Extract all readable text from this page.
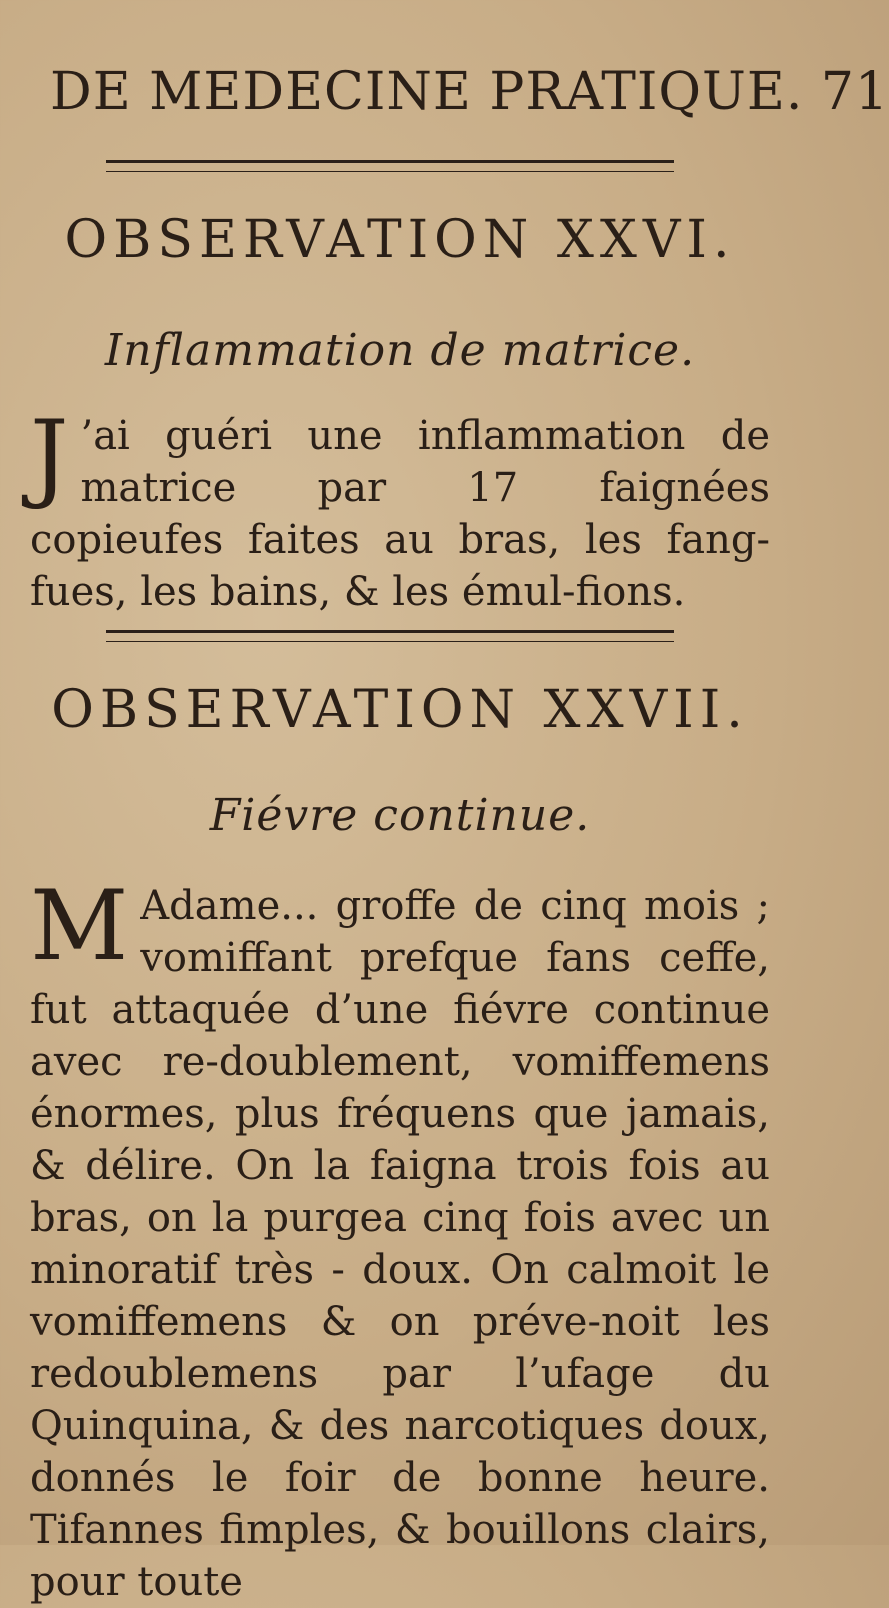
DE MEDECINE PRATIQUE. 71
OBSERVATION XXVI.
Inflammation de matrice.
J ’ai guéri une inflammation de matrice par 17 faignées copieufes faites au bras, les fang-fues, les bains, & les émul-fions.
OBSERVATION XXVII.
Fiévre continue.
M Adame... groffe de cinq mois ; vomiffant prefque fans ceffe, fut attaquée d’une fiévre continue avec re-doublement, vomiffemens énormes, plus fréquens que jamais, & délire. On la faigna trois fois au bras, on la purgea cinq fois avec un minoratif très - doux. On calmoit le vomiffemens & on préve-noit les redoublemens par l’ufage du Quinquina, & des narcotiques doux, donnés le foir de bonne heure. Tifannes fimples, & bouillons clairs, pour toute
